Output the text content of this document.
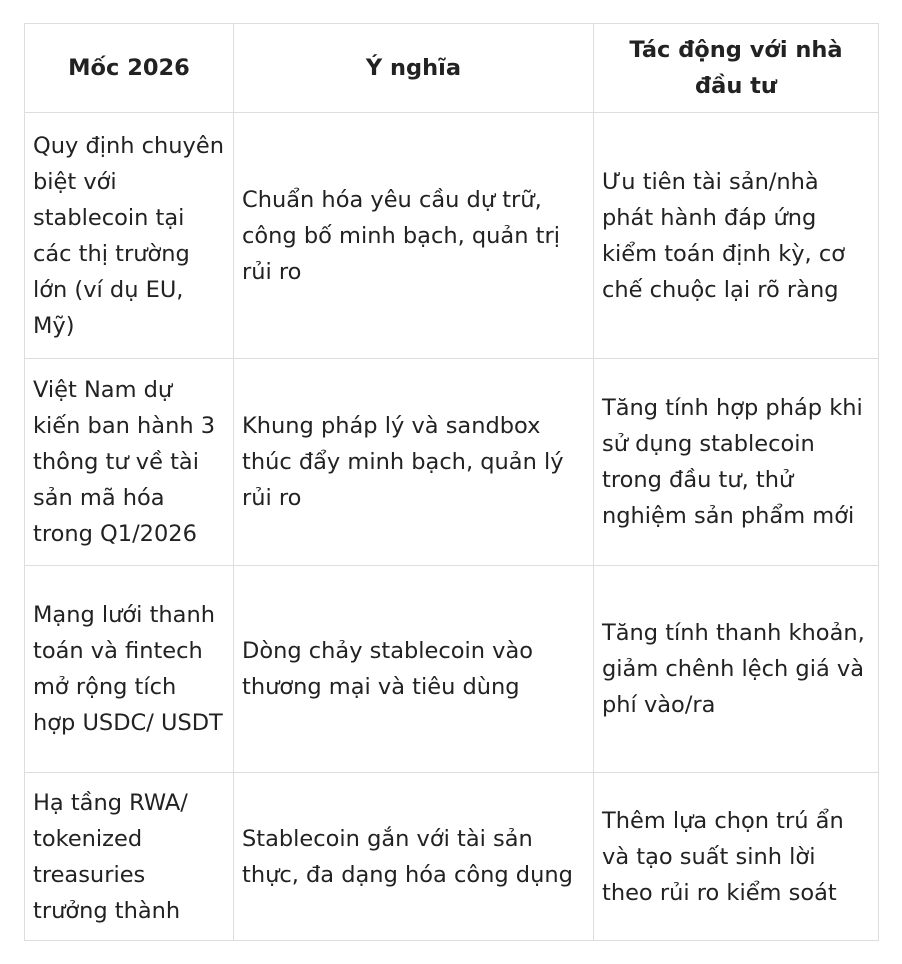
Mốc 2026	Ý nghĩa	Tác động với nhà đầu tư
Quy định chuyên biệt với stablecoin tại các thị trường lớn (ví dụ EU, Mỹ)	Chuẩn hóa yêu cầu dự trữ, công bố minh bạch, quản trị rủi ro	Ưu tiên tài sản/nhà phát hành đáp ứng kiểm toán định kỳ, cơ chế chuộc lại rõ ràng
Việt Nam dự kiến ban hành 3 thông tư về tài sản mã hóa trong Q1/2026	Khung pháp lý và sandbox thúc đẩy minh bạch, quản lý rủi ro	Tăng tính hợp pháp khi sử dụng stablecoin trong đầu tư, thử nghiệm sản phẩm mới
Mạng lưới thanh toán và fintech mở rộng tích hợp USDC/ USDT	Dòng chảy stablecoin vào thương mại và tiêu dùng	Tăng tính thanh khoản, giảm chênh lệch giá và phí vào/ra
Hạ tầng RWA/ tokenized treasuries trưởng thành	Stablecoin gắn với tài sản thực, đa dạng hóa công dụng	Thêm lựa chọn trú ẩn và tạo suất sinh lời theo rủi ro kiểm soát
